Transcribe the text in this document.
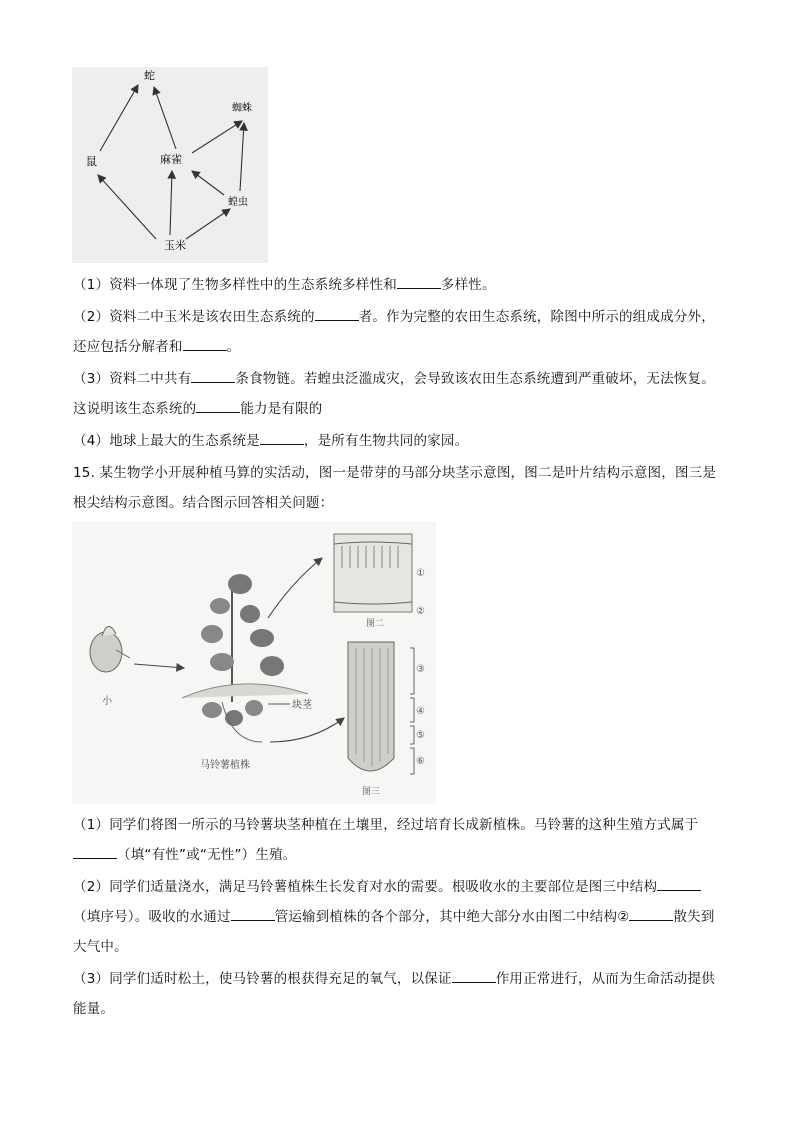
蛇
蜘蛛
鼠	麻雀
蝗虫
玉米
（1）资料一体现了生物多样性中的生态系统多样性和	多样性。
（2）资料二中玉米是该农田生态系统的	者。作为完整的农田生态系统，除图中所示的组成成分外，
还应包括分解者和	。
（3）资料二中共有	条食物链。若蝗虫泛滥成灾，会导致该农田生态系统遭到严重破坏，无法恢复。
这说明该生态系统的	能力是有限的
（4）地球上最大的生态系统是	，是所有生物共同的家园。
15. 某生物学小开展种植马算的实活动，图一是带芽的马部分块茎示意图，图二是叶片结构示意图，图三是
根尖结构示意图。结合图示回答相关问题：
小	块茎
马铃薯植株
①
②
图二
③
④
⑤
⑥
图三
（1）同学们将图一所示的马铃薯块茎种植在土壤里，经过培育长成新植株。马铃薯的这种生殖方式属于
（填“有性”或“无性”）生殖。
（2）同学们适量浇水，满足马铃薯植株生长发育对水的需要。根吸收水的主要部位是图三中结构
（填序号）。吸收的水通过	管运输到植株的各个部分，其中绝大部分水由图二中结构②	散失到
大气中。
（3）同学们适时松土，使马铃薯的根获得充足的氧气，以保证	作用正常进行，从而为生命活动提供
能量。
